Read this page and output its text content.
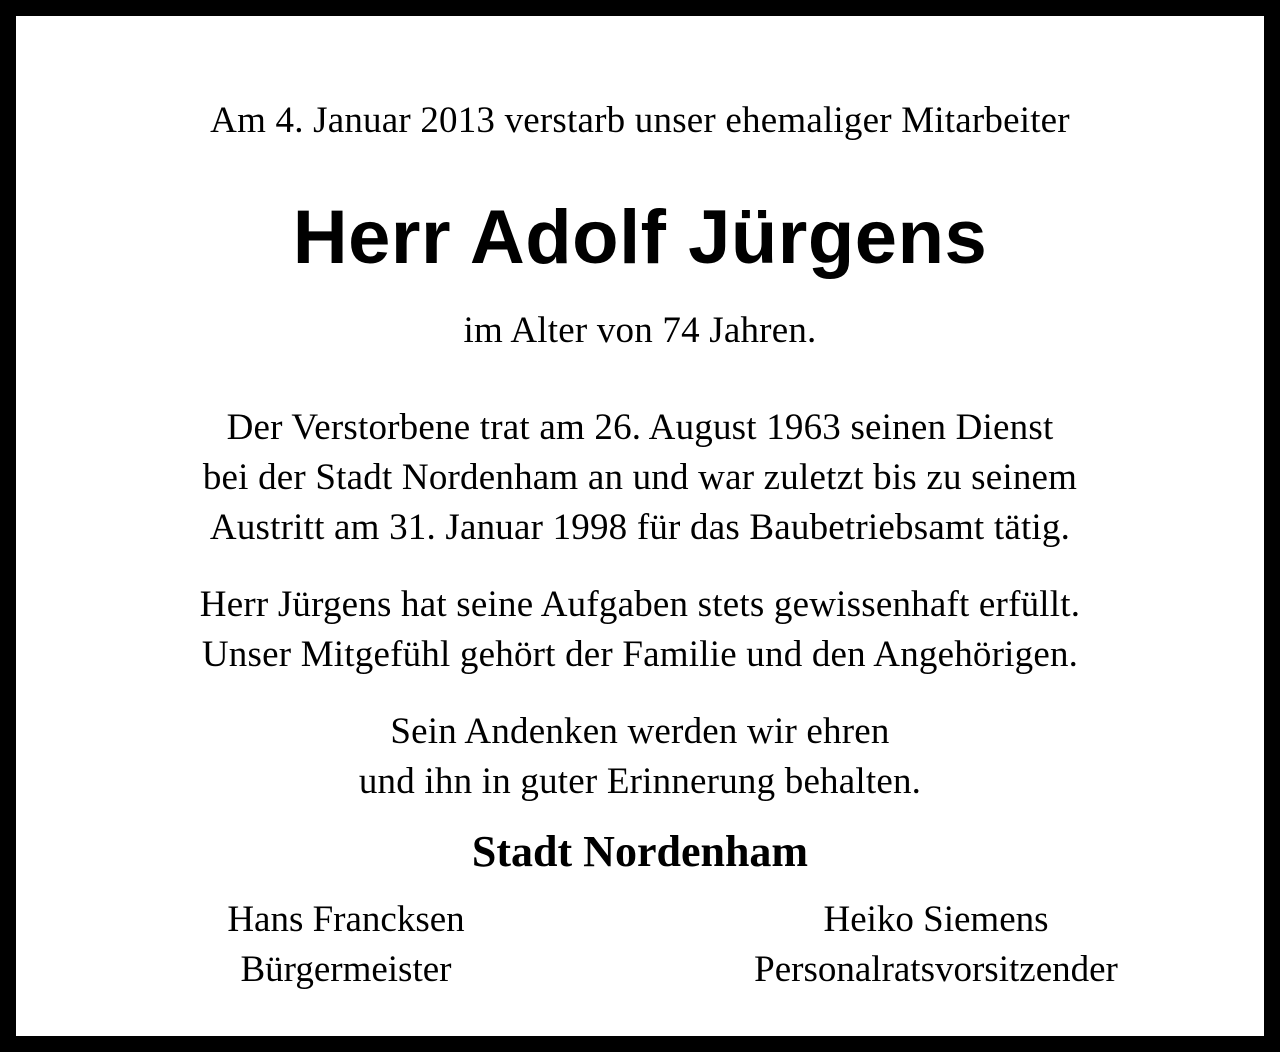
Am 4. Januar 2013 verstarb unser ehemaliger Mitarbeiter
Herr Adolf Jürgens
im Alter von 74 Jahren.
Der Verstorbene trat am 26. August 1963 seinen Dienst
bei der Stadt Nordenham an und war zuletzt bis zu seinem
Austritt am 31. Januar 1998 für das Baubetriebsamt tätig.
Herr Jürgens hat seine Aufgaben stets gewissenhaft erfüllt.
Unser Mitgefühl gehört der Familie und den Angehörigen.
Sein Andenken werden wir ehren
und ihn in guter Erinnerung behalten.
Stadt Nordenham
Hans Francksen
Bürgermeister
Heiko Siemens
Personalratsvorsitzender
